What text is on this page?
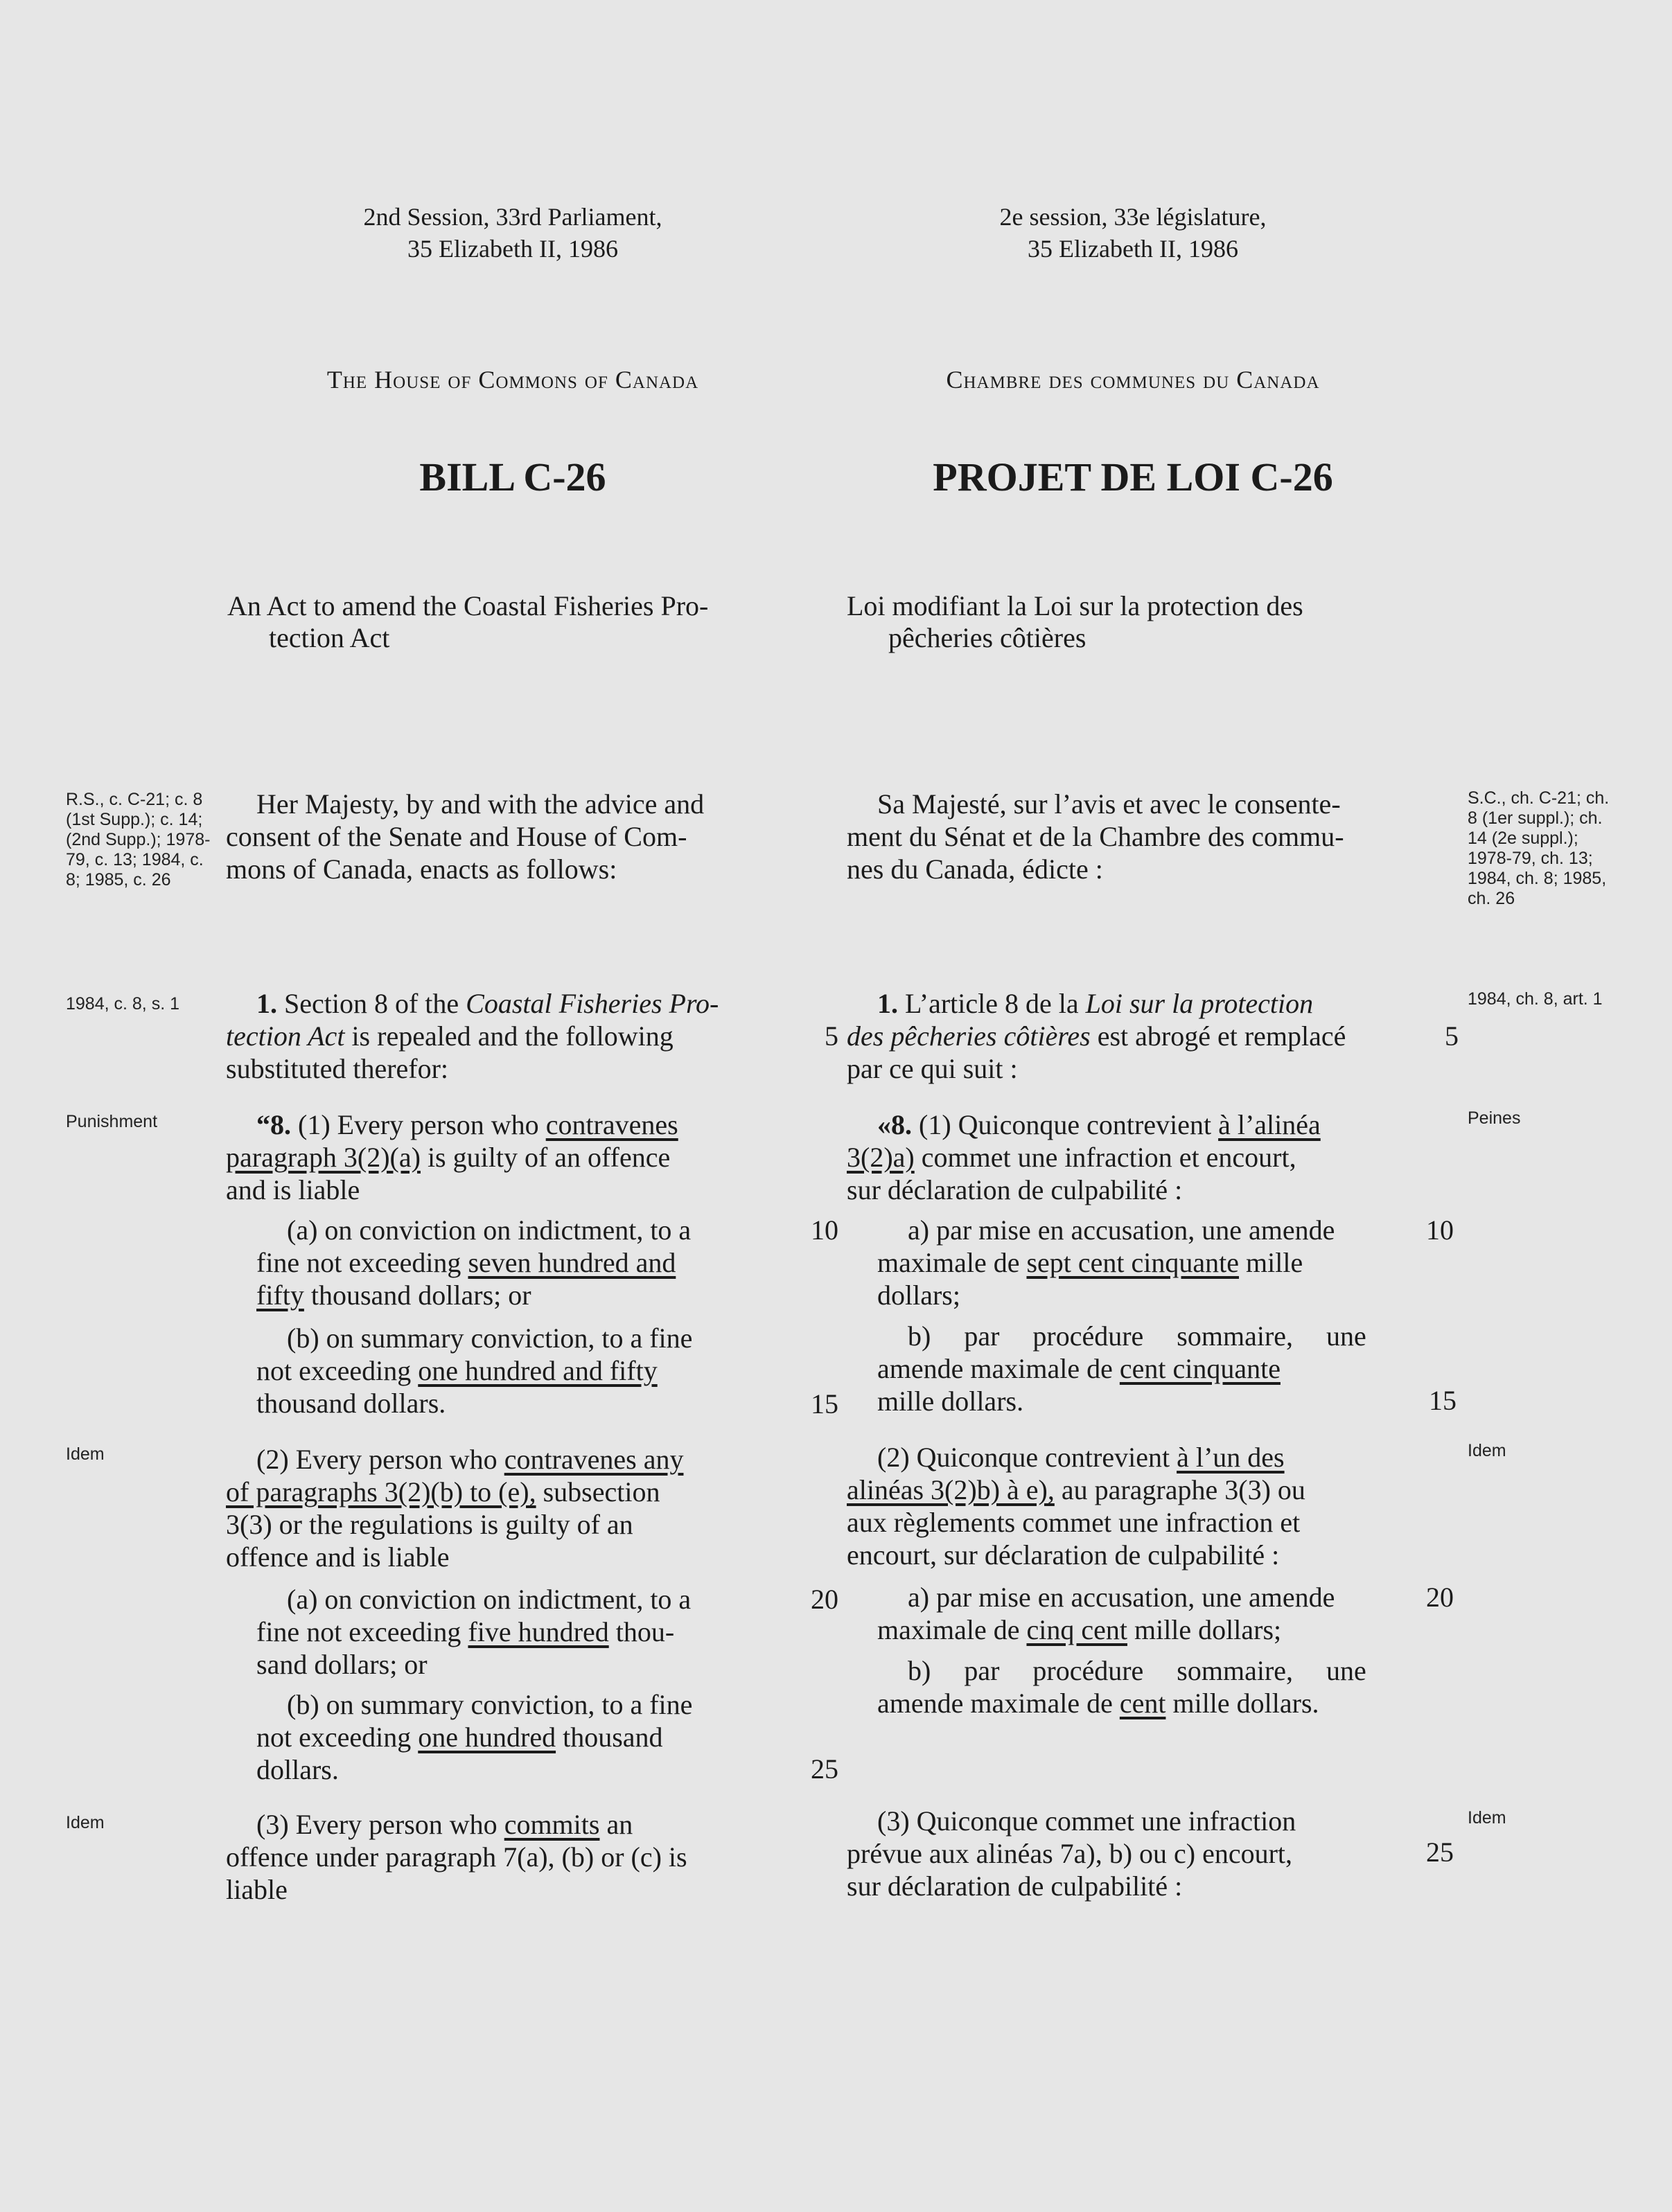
2nd Session, 33rd Parliament,
35 Elizabeth II, 1986
2e session, 33e législature,
35 Elizabeth II, 1986
The House of Commons of Canada	Chambre des communes du Canada
BILL C-26	PROJET DE LOI C-26
An Act to amend the Coastal Fisheries Pro-
tection Act
Loi modifiant la Loi sur la protection des
pêcheries côtières
R.S., c. C-21; c. 8 (1st Supp.); c. 14; (2nd Supp.); 1978-79, c. 13; 1984, c. 8; 1985, c. 26
1984, c. 8, s. 1
Punishment
Idem
Idem
S.C., ch. C-21; ch. 8 (1er suppl.); ch. 14 (2e suppl.); 1978-79, ch. 13; 1984, ch. 8; 1985, ch. 26
1984, ch. 8, art. 1
Peines
Idem
Idem
5	5
10	10
15	15
20	20
25
25
Her Majesty, by and with the advice and
consent of the Senate and House of Com-
mons of Canada, enacts as follows:
1. Section 8 of the Coastal Fisheries Pro-
tection Act is repealed and the following
substituted therefor:
“8. (1) Every person who contravenes
paragraph 3(2)(a) is guilty of an offence
and is liable
(a) on conviction on indictment, to a
fine not exceeding seven hundred and
fifty thousand dollars; or
(b) on summary conviction, to a fine
not exceeding one hundred and fifty
thousand dollars.
(2) Every person who contravenes any
of paragraphs 3(2)(b) to (e), subsection
3(3) or the regulations is guilty of an
offence and is liable
(a) on conviction on indictment, to a
fine not exceeding five hundred thou-
sand dollars; or
(b) on summary conviction, to a fine
not exceeding one hundred thousand
dollars.
(3) Every person who commits an
offence under paragraph 7(a), (b) or (c) is
liable
Sa Majesté, sur l’avis et avec le consente-
ment du Sénat et de la Chambre des commu-
nes du Canada, édicte :
1. L’article 8 de la Loi sur la protection
des pêcheries côtières est abrogé et remplacé
par ce qui suit :
«8. (1) Quiconque contrevient à l’alinéa
3(2)a) commet une infraction et encourt,
sur déclaration de culpabilité :
a) par mise en accusation, une amende
maximale de sept cent cinquante mille
dollars;
b) par procédure sommaire, une
amende maximale de cent cinquante
mille dollars.
(2) Quiconque contrevient à l’un des
alinéas 3(2)b) à e), au paragraphe 3(3) ou
aux règlements commet une infraction et
encourt, sur déclaration de culpabilité :
a) par mise en accusation, une amende
maximale de cinq cent mille dollars;
b) par procédure sommaire, une
amende maximale de cent mille dollars.
(3) Quiconque commet une infraction
prévue aux alinéas 7a), b) ou c) encourt,
sur déclaration de culpabilité :
